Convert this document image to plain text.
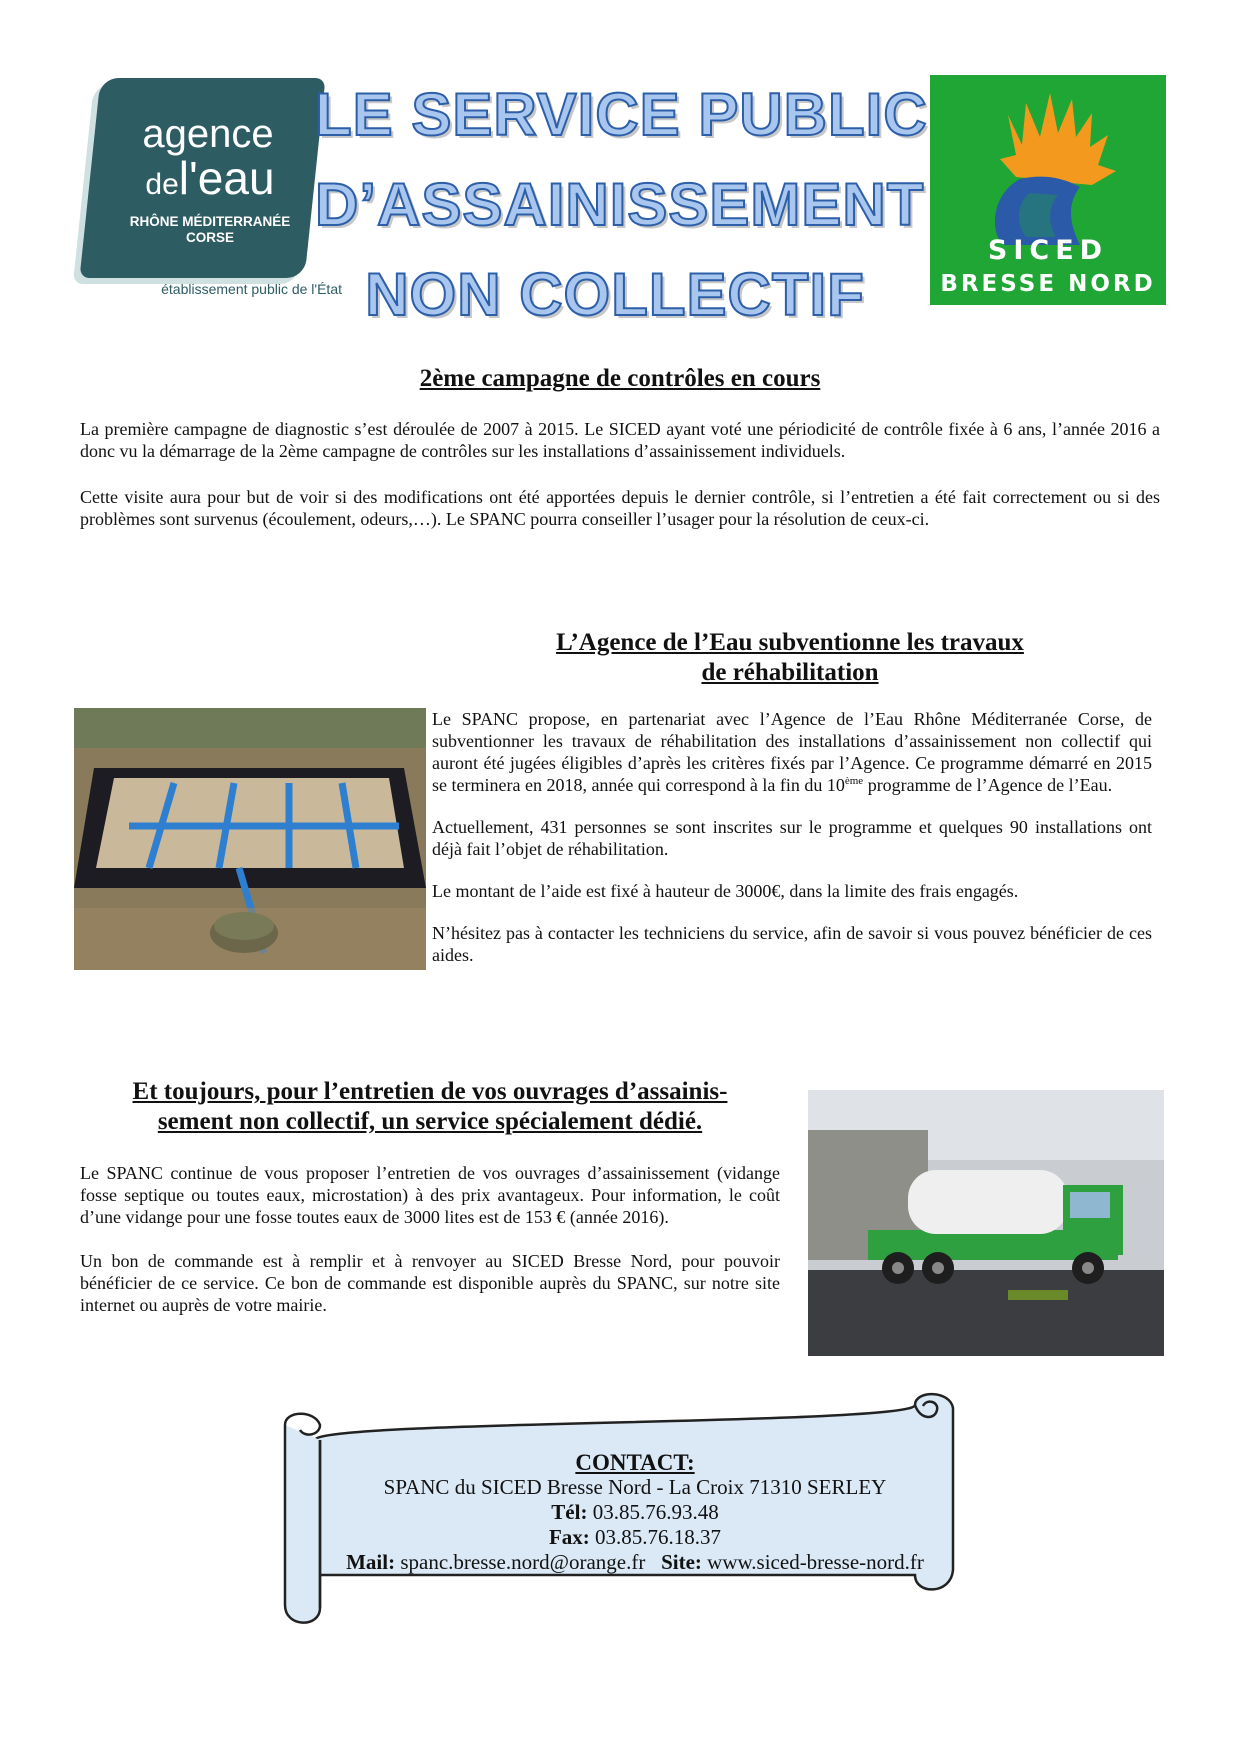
agence
del'eau
RHÔNE MÉDITERRANÉE
CORSE
établissement public de l'État
LE SERVICE PUBLIC
D’ASSAINISSEMENT
NON COLLECTIF
SICED
BRESSE NORD
2ème campagne de contrôles en cours

La première campagne de diagnostic s’est déroulée de 2007 à 2015. Le SICED ayant voté une périodicité de contrôle fixée à 6 ans, l’année 2016 a donc vu la démarrage de la 2ème campagne de contrôles sur les installations d’assainissement individuels.

Cette visite aura pour but de voir si des modifications ont été apportées depuis le dernier contrôle, si l’entretien a été fait correctement ou si des problèmes sont survenus (écoulement, odeurs,…). Le SPANC pourra conseiller l’usager pour la résolution de ceux-ci.

L’Agence de l’Eau subventionne les travaux
de réhabilitation

Le SPANC propose, en partenariat avec l’Agence de l’Eau Rhône Méditerranée Corse, de subventionner les travaux de réhabilitation des installations d’assainissement non collectif qui auront été jugées éligibles d’après les critères fixés par l’Agence. Ce programme démarré en 2015 se terminera en 2018, année qui correspond à la fin du 10ème programme de l’Agence de l’Eau.

Actuellement, 431 personnes se sont inscrites sur le programme et quelques 90 installations ont déjà fait l’objet de réhabilitation.

Le montant de l’aide est fixé à hauteur de 3000€, dans la limite des frais engagés.

N’hésitez pas à contacter les techniciens du service, afin de savoir si vous pouvez bénéficier de ces aides.

Et toujours, pour l’entretien de vos ouvrages d’assainis-
sement non collectif, un service spécialement dédié.

Le SPANC continue de vous proposer l’entretien de vos ouvrages d’assainissement (vidange fosse septique ou toutes eaux, microstation) à des prix avantageux. Pour information, le coût d’une vidange pour une fosse toutes eaux de 3000 lites est de 153 € (année 2016).

Un bon de commande est à remplir et à renvoyer au SICED Bresse Nord, pour pouvoir bénéficier de ce service. Ce bon de commande est disponible auprès du SPANC, sur notre site internet ou auprès de votre mairie.

CONTACT:
SPANC du SICED Bresse Nord - La Croix 71310 SERLEY
Tél: 03.85.76.93.48
Fax: 03.85.76.18.37
Mail: spanc.bresse.nord@orange.fr Site: www.siced-bresse-nord.fr
